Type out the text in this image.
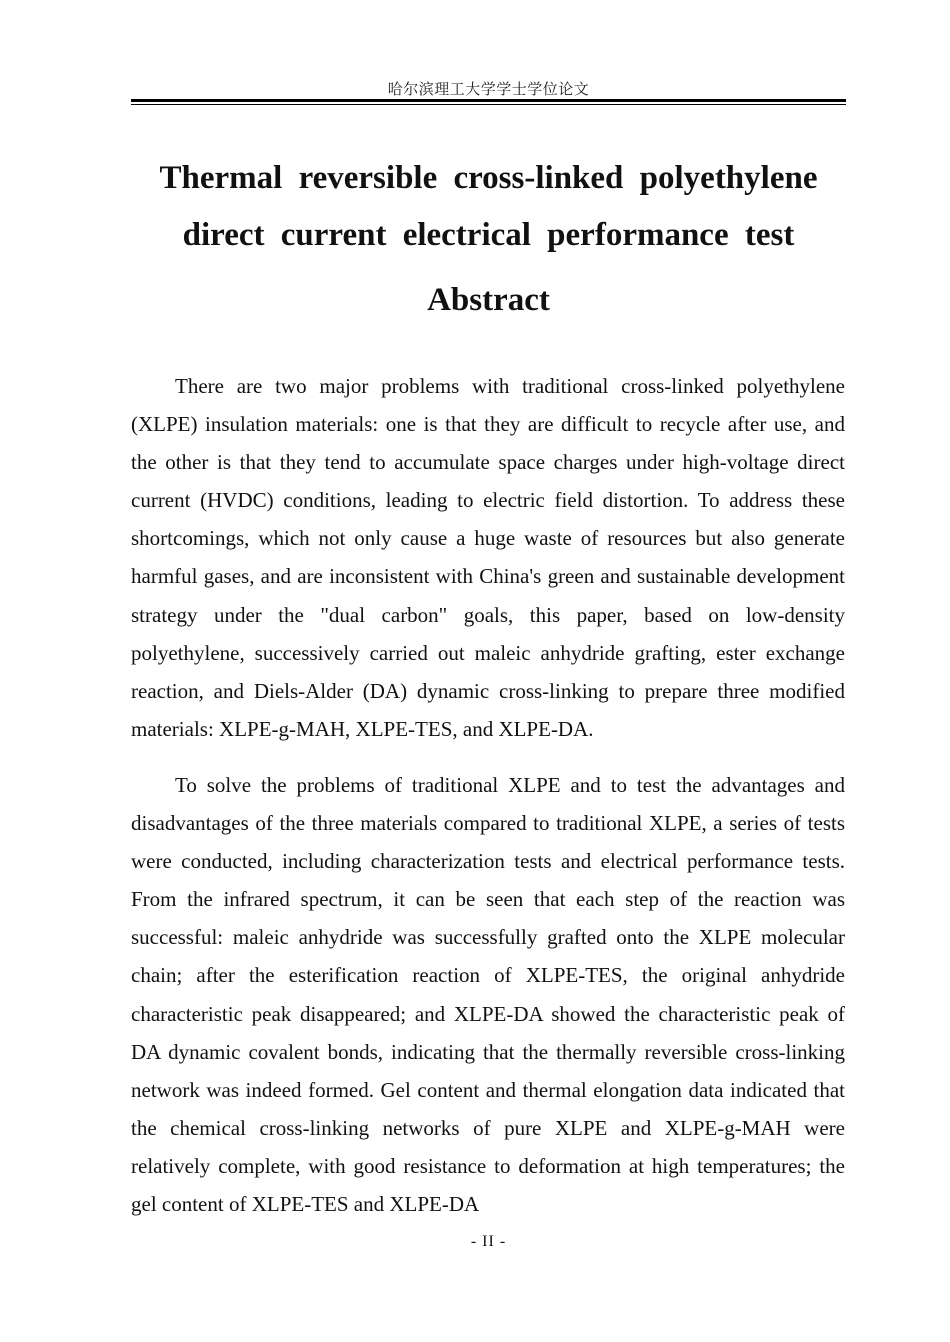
哈尔滨理工大学学士学位论文
Thermal reversible cross-linked polyethylene
direct current electrical performance test
Abstract

There are two major problems with traditional cross-linked polyethylene (XLPE) insulation materials: one is that they are difficult to recycle after use, and the other is that they tend to accumulate space charges under high-voltage direct current (HVDC) conditions, leading to electric field distortion. To address these shortcomings, which not only cause a huge waste of resources but also generate harmful gases, and are inconsistent with China's green and sustainable development strategy under the "dual carbon" goals, this paper, based on low-density polyethylene, successively carried out maleic anhydride grafting, ester exchange reaction, and Diels-Alder (DA) dynamic cross-linking to prepare three modified materials: XLPE-g-MAH, XLPE-TES, and XLPE-DA.

To solve the problems of traditional XLPE and to test the advantages and disadvantages of the three materials compared to traditional XLPE, a series of tests were conducted, including characterization tests and electrical performance tests. From the infrared spectrum, it can be seen that each step of the reaction was successful: maleic anhydride was successfully grafted onto the XLPE molecular chain; after the esterification reaction of XLPE-TES, the original anhydride characteristic peak disappeared; and XLPE-DA showed the characteristic peak of DA dynamic covalent bonds, indicating that the thermally reversible cross-linking network was indeed formed. Gel content and thermal elongation data indicated that the chemical cross-linking networks of pure XLPE and XLPE-g-MAH were relatively complete, with good resistance to deformation at high temperatures; the gel content of XLPE-TES and XLPE-DA

- II -
